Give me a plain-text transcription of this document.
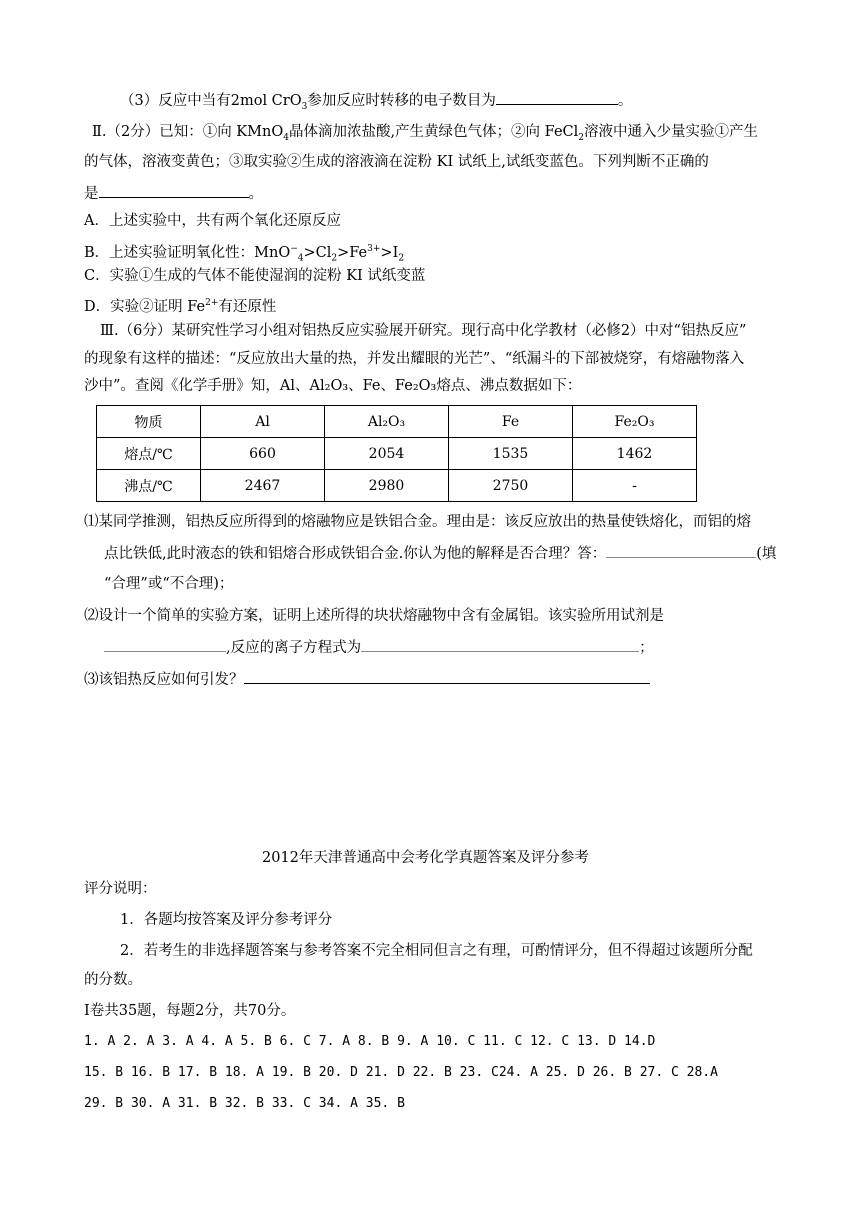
（3）反应中当有2mol CrO$_3$参加反应时转移的电子数目为	。
Ⅱ.（2分）已知：①向 KMnO$_4$晶体滴加浓盐酸,产生黄绿色气体；②向 FeCl$_2$溶液中通入少量实验①产生
的气体，溶液变黄色；③取实验②生成的溶液滴在淀粉 KI 试纸上,试纸变蓝色。下列判断不正确的
是	。
A．上述实验中，共有两个氧化还原反应
B．上述实验证明氧化性：$MnO^-_4>Cl_2>Fe^{3+}>I_2$
C．实验①生成的气体不能使湿润的淀粉 KI 试纸变蓝
D．实验②证明 $Fe^{2+}$有还原性
Ⅲ.（6分）某研究性学习小组对铝热反应实验展开研究。现行高中化学教材（必修2）中对“铝热反应”
的现象有这样的描述：“反应放出大量的热，并发出耀眼的光芒”、“纸漏斗的下部被烧穿，有熔融物落入
沙中”。查阅《化学手册》知，Al、Al₂O₃、Fe、Fe₂O₃熔点、沸点数据如下：
物质	Al	Al₂O₃	Fe	Fe₂O₃
熔点/℃	660	2054	1535	1462
沸点/℃	2467	2980	2750	-
⑴某同学推测，铝热反应所得到的熔融物应是铁铝合金。理由是：该反应放出的热量使铁熔化，而铝的熔
点比铁低,此时液态的铁和铝熔合形成铁铝合金.你认为他的解释是否合理？答：	(填
“合理”或“不合理)；
⑵设计一个简单的实验方案，证明上述所得的块状熔融物中含有金属铝。该实验所用试剂是
,反应的离子方程式为	；
⑶该铝热反应如何引发？
2012年天津普通高中会考化学真题答案及评分参考
评分说明：
1．各题均按答案及评分参考评分
2．若考生的非选择题答案与参考答案不完全相同但言之有理，可酌情评分，但不得超过该题所分配
的分数。
Ⅰ卷共35题，每题2分，共70分。
1. A 2. A 3. A 4. A 5. B 6. C 7. A 8. B 9. A 10. C 11. C 12. C 13. D 14.D
15. B 16. B 17. B 18. A 19. B 20. D 21. D 22. B 23. C24. A 25. D 26. B 27. C 28.A
29. B 30. A 31. B 32. B 33. C 34. A 35. B
